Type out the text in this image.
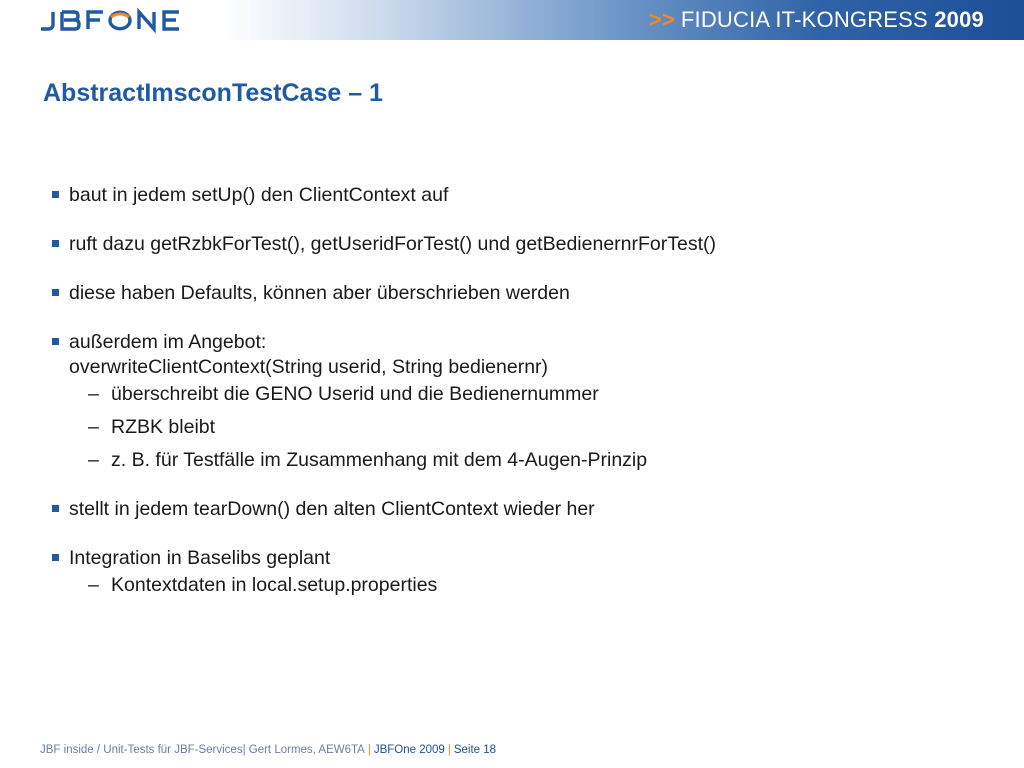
>> FIDUCIA IT-KONGRESS 2009
AbstractImsconTestCase – 1
baut in jedem setUp() den ClientContext auf
ruft dazu getRzbkForTest(), getUseridForTest() und getBedienernrForTest()
diese haben Defaults, können aber überschrieben werden
außerdem im Angebot:
overwriteClientContext(String userid, String bedienernr)
– überschreibt die GENO Userid und die Bedienernummer
– RZBK bleibt
– z. B. für Testfälle im Zusammenhang mit dem 4-Augen-Prinzip
stellt in jedem tearDown() den alten ClientContext wieder her
Integration in Baselibs geplant
– Kontextdaten in local.setup.properties
JBF inside / Unit-Tests für JBF-Services| Gert Lormes, AEW6TA | JBFOne 2009 | Seite 18
